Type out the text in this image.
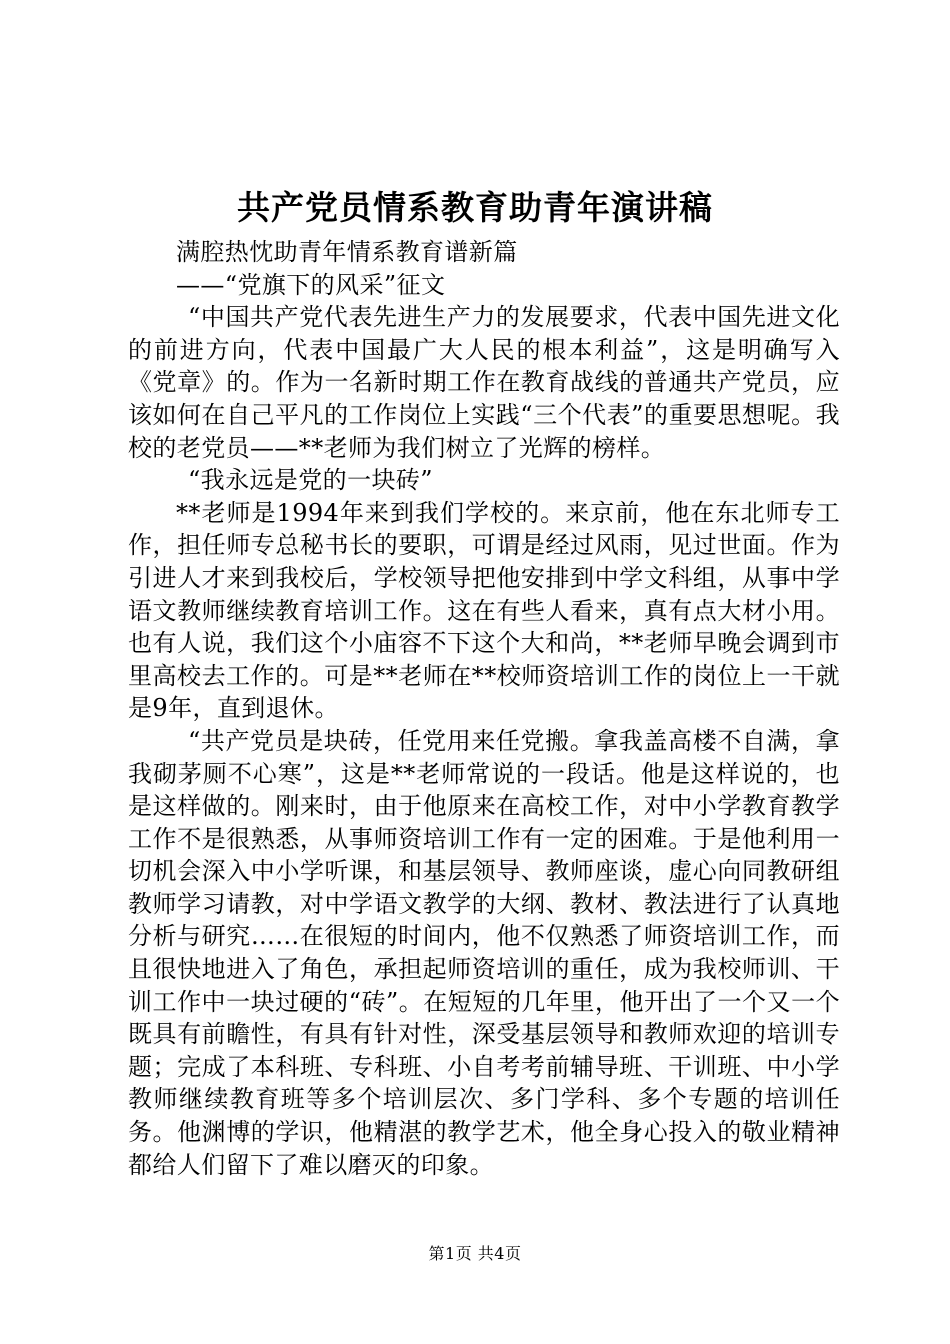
共产党员情系教育助青年演讲稿

满腔热忱助青年情系教育谱新篇

——“党旗下的风采”征文

“中国共产党代表先进生产力的发展要求，代表中国先进文化的前进方向，代表中国最广大人民的根本利益”，这是明确写入《党章》的。作为一名新时期工作在教育战线的普通共产党员，应该如何在自己平凡的工作岗位上实践“三个代表”的重要思想呢。我校的老党员——**老师为我们树立了光辉的榜样。

“我永远是党的一块砖”

**老师是1994年来到我们学校的。来京前，他在东北师专工作，担任师专总秘书长的要职，可谓是经过风雨，见过世面。作为引进人才来到我校后，学校领导把他安排到中学文科组，从事中学语文教师继续教育培训工作。这在有些人看来，真有点大材小用。也有人说，我们这个小庙容不下这个大和尚，**老师早晚会调到市里高校去工作的。可是**老师在**校师资培训工作的岗位上一干就是9年，直到退休。

“共产党员是块砖，任党用来任党搬。拿我盖高楼不自满，拿我砌茅厕不心寒”，这是**老师常说的一段话。他是这样说的，也是这样做的。刚来时，由于他原来在高校工作，对中小学教育教学工作不是很熟悉，从事师资培训工作有一定的困难。于是他利用一切机会深入中小学听课，和基层领导、教师座谈，虚心向同教研组教师学习请教，对中学语文教学的大纲、教材、教法进行了认真地分析与研究……在很短的时间内，他不仅熟悉了师资培训工作，而且很快地进入了角色，承担起师资培训的重任，成为我校师训、干训工作中一块过硬的“砖”。在短短的几年里，他开出了一个又一个既具有前瞻性，有具有针对性，深受基层领导和教师欢迎的培训专题；完成了本科班、专科班、小自考考前辅导班、干训班、中小学教师继续教育班等多个培训层次、多门学科、多个专题的培训任务。他渊博的学识，他精湛的教学艺术，他全身心投入的敬业精神都给人们留下了难以磨灭的印象。

第1页 共4页
